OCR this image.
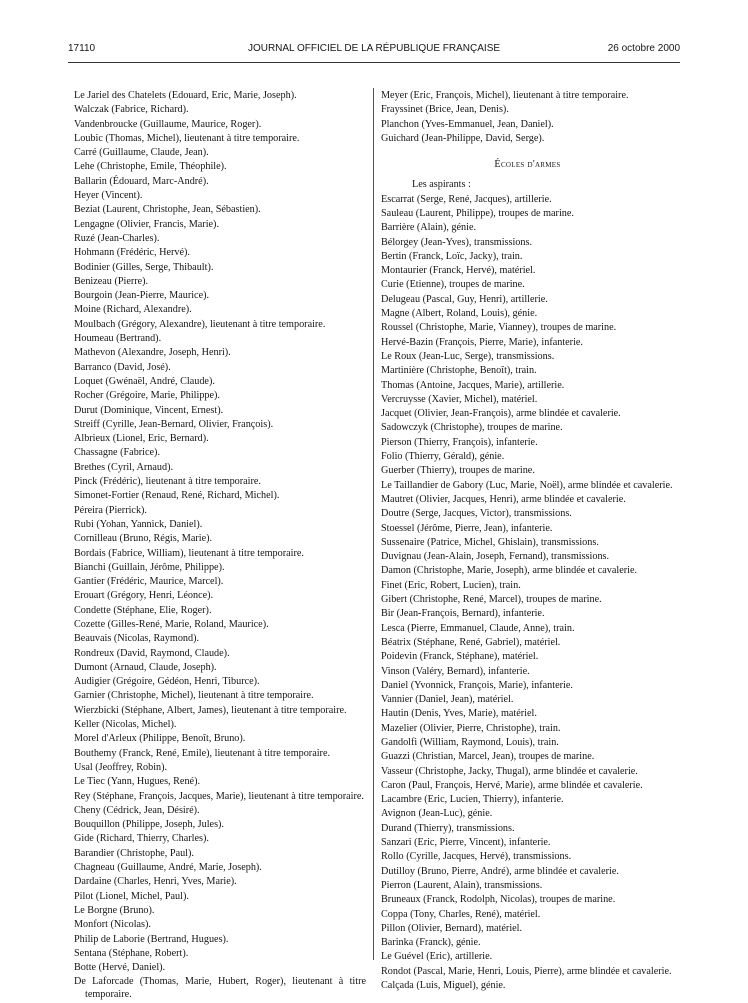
17110	JOURNAL OFFICIEL DE LA RÉPUBLIQUE FRANÇAISE	26 octobre 2000
Le Jariel des Chatelets (Edouard, Eric, Marie, Joseph).
Walczak (Fabrice, Richard).
Vandenbroucke (Guillaume, Maurice, Roger).
Loubic (Thomas, Michel), lieutenant à titre temporaire.
Carré (Guillaume, Claude, Jean).
Lehe (Christophe, Emile, Théophile).
Ballarin (Édouard, Marc-André).
Heyer (Vincent).
Beziat (Laurent, Christophe, Jean, Sébastien).
Lengagne (Olivier, Francis, Marie).
Ruzé (Jean-Charles).
Hohmann (Frédéric, Hervé).
Bodinier (Gilles, Serge, Thibault).
Benizeau (Pierre).
Bourgoin (Jean-Pierre, Maurice).
Moine (Richard, Alexandre).
Moulbach (Grégory, Alexandre), lieutenant à titre temporaire.
Houmeau (Bertrand).
Mathevon (Alexandre, Joseph, Henri).
Barranco (David, José).
Loquet (Gwénaël, André, Claude).
Rocher (Grégoire, Marie, Philippe).
Durut (Dominique, Vincent, Ernest).
Streiff (Cyrille, Jean-Bernard, Olivier, François).
Albrieux (Lionel, Eric, Bernard).
Chassagne (Fabrice).
Brethes (Cyril, Arnaud).
Pinck (Frédéric), lieutenant à titre temporaire.
Simonet-Fortier (Renaud, René, Richard, Michel).
Péreira (Pierrick).
Rubi (Yohan, Yannick, Daniel).
Cornilleau (Bruno, Régis, Marie).
Bordais (Fabrice, William), lieutenant à titre temporaire.
Bianchi (Guillain, Jérôme, Philippe).
Gantier (Frédéric, Maurice, Marcel).
Erouart (Grégory, Henri, Léonce).
Condette (Stéphane, Elie, Roger).
Cozette (Gilles-René, Marie, Roland, Maurice).
Beauvais (Nicolas, Raymond).
Rondreux (David, Raymond, Claude).
Dumont (Arnaud, Claude, Joseph).
Audigier (Grégoire, Gédéon, Henri, Tiburce).
Garnier (Christophe, Michel), lieutenant à titre temporaire.
Wierzbicki (Stéphane, Albert, James), lieutenant à titre temporaire.
Keller (Nicolas, Michel).
Morel d'Arleux (Philippe, Benoît, Bruno).
Bouthemy (Franck, René, Emile), lieutenant à titre temporaire.
Usal (Jeoffrey, Robin).
Le Tiec (Yann, Hugues, René).
Rey (Stéphane, François, Jacques, Marie), lieutenant à titre temporaire.
Cheny (Cédrick, Jean, Désiré).
Bouquillon (Philippe, Joseph, Jules).
Gide (Richard, Thierry, Charles).
Barandier (Christophe, Paul).
Chagneau (Guillaume, André, Marie, Joseph).
Dardaine (Charles, Henri, Yves, Marie).
Pilot (Lionel, Michel, Paul).
Le Borgne (Bruno).
Monfort (Nicolas).
Philip de Laborie (Bertrand, Hugues).
Sentana (Stéphane, Robert).
Botte (Hervé, Daniel).
De Laforcade (Thomas, Marie, Hubert, Roger), lieutenant à titre temporaire.
Meyer (Eric, François, Michel), lieutenant à titre temporaire.
Frayssinet (Brice, Jean, Denis).
Planchon (Yves-Emmanuel, Jean, Daniel).
Guichard (Jean-Philippe, David, Serge).
Écoles d'armes
Les aspirants :
Escarrat (Serge, René, Jacques), artillerie.
Sauleau (Laurent, Philippe), troupes de marine.
Barrière (Alain), génie.
Bélorgey (Jean-Yves), transmissions.
Bertin (Franck, Loïc, Jacky), train.
Montaurier (Franck, Hervé), matériel.
Curie (Etienne), troupes de marine.
Delugeau (Pascal, Guy, Henri), artillerie.
Magne (Albert, Roland, Louis), génie.
Roussel (Christophe, Marie, Vianney), troupes de marine.
Hervé-Bazin (François, Pierre, Marie), infanterie.
Le Roux (Jean-Luc, Serge), transmissions.
Martinière (Christophe, Benoît), train.
Thomas (Antoine, Jacques, Marie), artillerie.
Vercruysse (Xavier, Michel), matériel.
Jacquet (Olivier, Jean-François), arme blindée et cavalerie.
Sadowczyk (Christophe), troupes de marine.
Pierson (Thierry, François), infanterie.
Folio (Thierry, Gérald), génie.
Guerber (Thierry), troupes de marine.
Le Taillandier de Gabory (Luc, Marie, Noël), arme blindée et cavalerie.
Mautret (Olivier, Jacques, Henri), arme blindée et cavalerie.
Doutre (Serge, Jacques, Victor), transmissions.
Stoessel (Jérôme, Pierre, Jean), infanterie.
Sussenaire (Patrice, Michel, Ghislain), transmissions.
Duvignau (Jean-Alain, Joseph, Fernand), transmissions.
Damon (Christophe, Marie, Joseph), arme blindée et cavalerie.
Finet (Eric, Robert, Lucien), train.
Gibert (Christophe, René, Marcel), troupes de marine.
Bir (Jean-François, Bernard), infanterie.
Lesca (Pierre, Emmanuel, Claude, Anne), train.
Béatrix (Stéphane, René, Gabriel), matériel.
Poidevin (Franck, Stéphane), matériel.
Vinson (Valéry, Bernard), infanterie.
Daniel (Yvonnick, François, Marie), infanterie.
Vannier (Daniel, Jean), matériel.
Hautin (Denis, Yves, Marie), matériel.
Mazelier (Olivier, Pierre, Christophe), train.
Gandolfi (William, Raymond, Louis), train.
Guazzi (Christian, Marcel, Jean), troupes de marine.
Vasseur (Christophe, Jacky, Thugal), arme blindée et cavalerie.
Caron (Paul, François, Hervé, Marie), arme blindée et cavalerie.
Lacambre (Eric, Lucien, Thierry), infanterie.
Avignon (Jean-Luc), génie.
Durand (Thierry), transmissions.
Sanzari (Eric, Pierre, Vincent), infanterie.
Rollo (Cyrille, Jacques, Hervé), transmissions.
Dutilloy (Bruno, Pierre, André), arme blindée et cavalerie.
Pierron (Laurent, Alain), transmissions.
Bruneaux (Franck, Rodolph, Nicolas), troupes de marine.
Coppa (Tony, Charles, René), matériel.
Pillon (Olivier, Bernard), matériel.
Barinka (Franck), génie.
Le Guével (Eric), artillerie.
Rondot (Pascal, Marie, Henri, Louis, Pierre), arme blindée et cavalerie.
Calçada (Luis, Miguel), génie.
